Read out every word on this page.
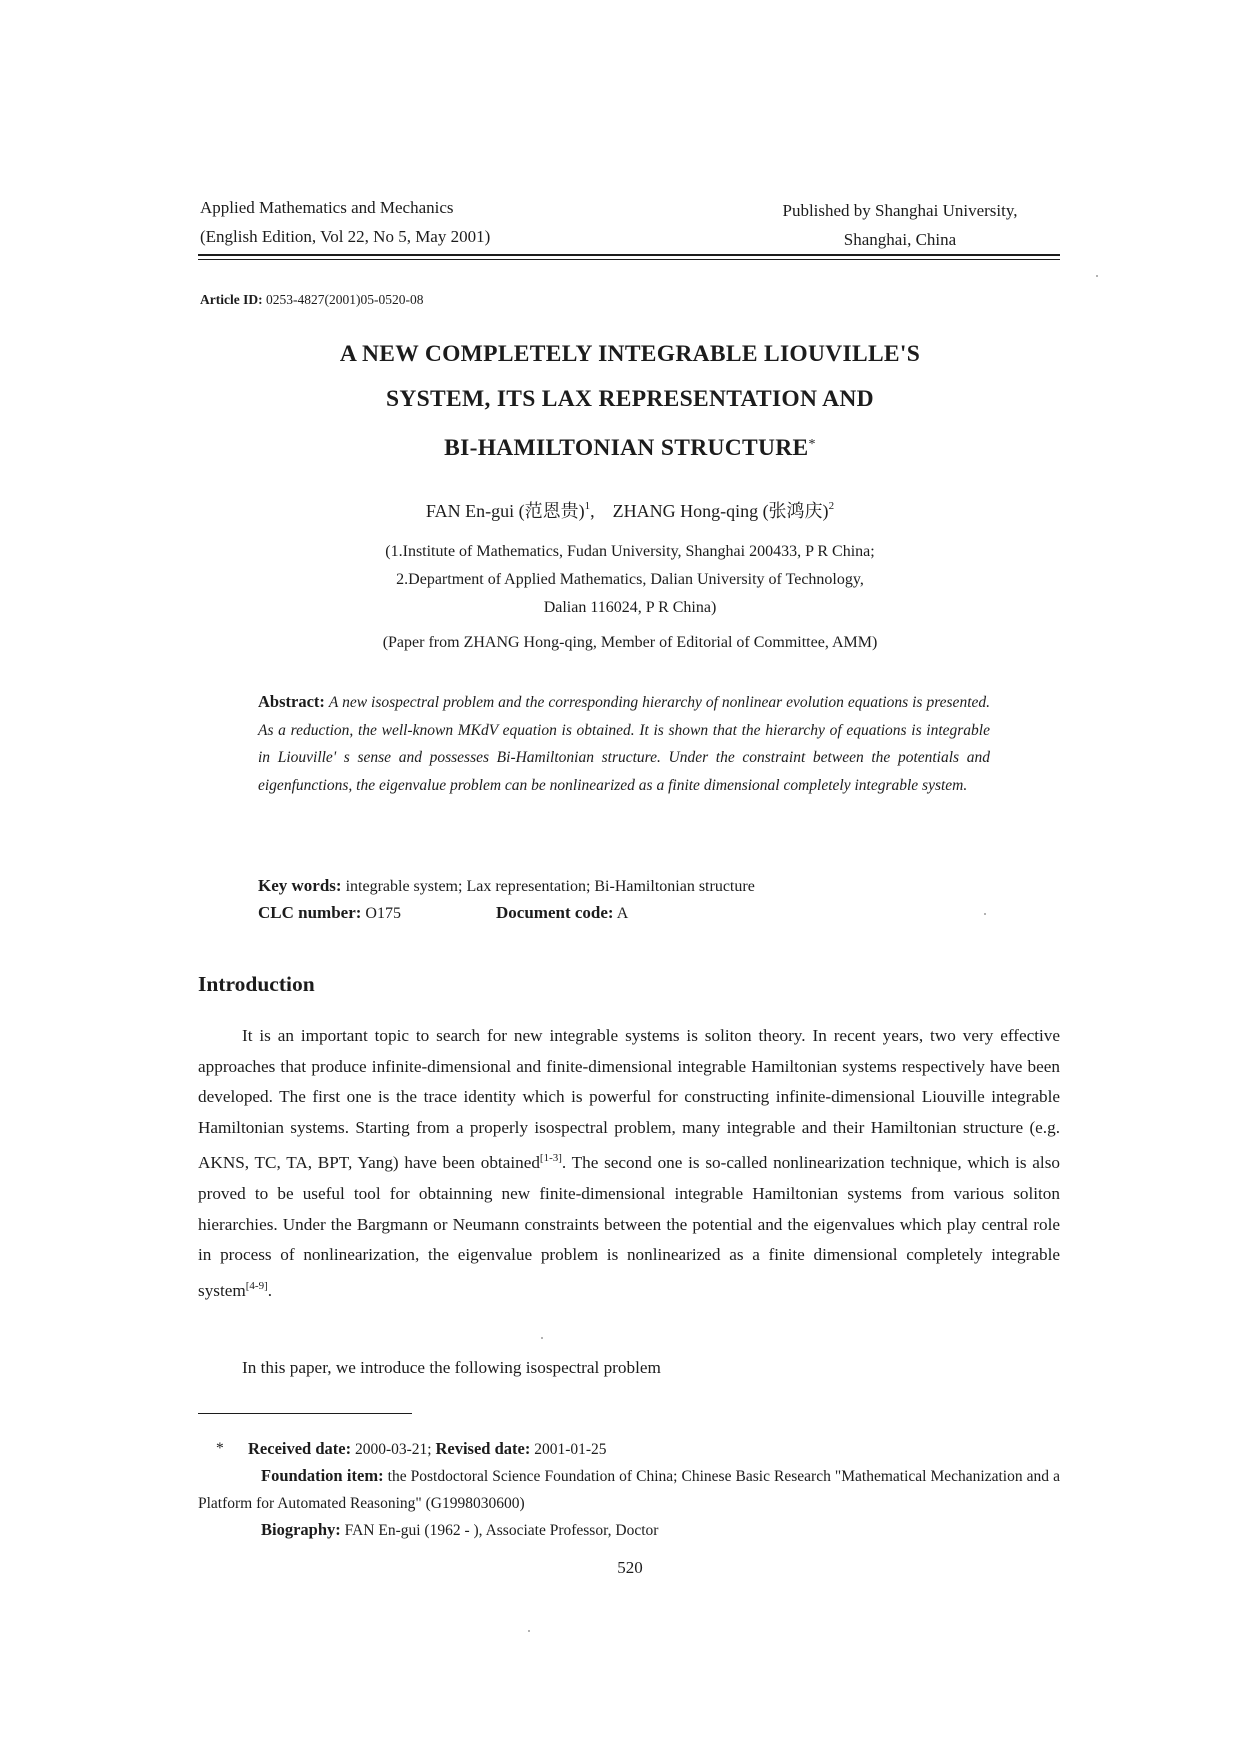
Applied Mathematics and Mechanics
(English Edition, Vol 22, No 5, May 2001)
Published by Shanghai University,
Shanghai, China
Article ID: 0253-4827(2001)05-0520-08
A NEW COMPLETELY INTEGRABLE LIOUVILLE'S
SYSTEM, ITS LAX REPRESENTATION AND
BI-HAMILTONIAN STRUCTURE*
FAN En-gui (范恩贵)$^1$, ZHANG Hong-qing (张鸿庆)$^2$
(1.Institute of Mathematics, Fudan University, Shanghai 200433, P R China;
2.Department of Applied Mathematics, Dalian University of Technology,
Dalian 116024, P R China)
(Paper from ZHANG Hong-qing, Member of Editorial of Committee, AMM)
Abstract: A new isospectral problem and the corresponding hierarchy of nonlinear evolution equations is presented. As a reduction, the well-known MKdV equation is obtained. It is shown that the hierarchy of equations is integrable in Liouville' s sense and possesses Bi-Hamiltonian structure. Under the constraint between the potentials and eigenfunctions, the eigenvalue problem can be nonlinearized as a finite dimensional completely integrable system.
Key words: integrable system; Lax representation; Bi-Hamiltonian structure
CLC number: O175	Document code: A
Introduction

It is an important topic to search for new integrable systems is soliton theory. In recent years, two very effective approaches that produce infinite-dimensional and finite-dimensional integrable Hamiltonian systems respectively have been developed. The first one is the trace identity which is powerful for constructing infinite-dimensional Liouville integrable Hamiltonian systems. Starting from a properly isospectral problem, many integrable and their Hamiltonian structure (e.g. AKNS, TC, TA, BPT, Yang) have been obtained[1-3]. The second one is so-called nonlinearization technique, which is also proved to be useful tool for obtainning new finite-dimensional integrable Hamiltonian systems from various soliton hierarchies. Under the Bargmann or Neumann constraints between the potential and the eigenvalues which play central role in process of nonlinearization, the eigenvalue problem is nonlinearized as a finite dimensional completely integrable system[4-9].

In this paper, we introduce the following isospectral problem
* Received date: 2000-03-21; Revised date: 2001-01-25
Foundation item: the Postdoctoral Science Foundation of China; Chinese Basic Research "Mathematical Mechanization and a Platform for Automated Reasoning" (G1998030600)
Biography: FAN En-gui (1962 - ), Associate Professor, Doctor
520
